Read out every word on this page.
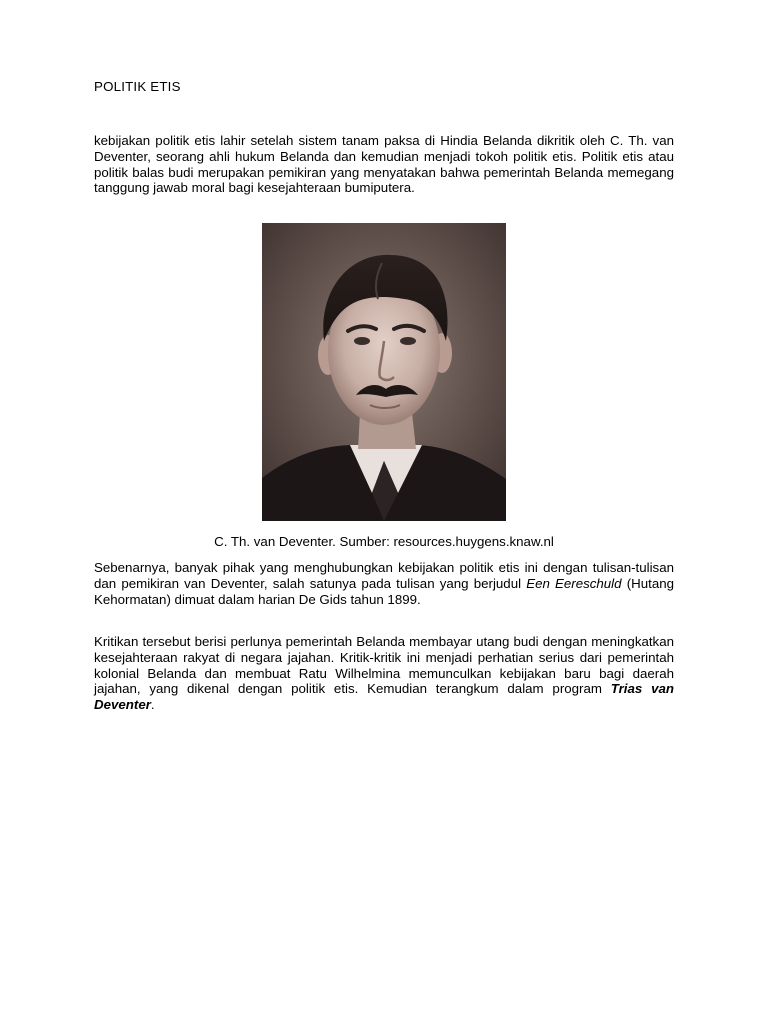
POLITIK ETIS

kebijakan politik etis lahir setelah sistem tanam paksa di Hindia Belanda dikritik oleh C. Th. van Deventer, seorang ahli hukum Belanda dan kemudian menjadi tokoh politik etis. Politik etis atau politik balas budi merupakan pemikiran yang menyatakan bahwa pemerintah Belanda memegang tanggung jawab moral bagi kesejahteraan bumiputera.

C. Th. van Deventer. Sumber: resources.huygens.knaw.nl

Sebenarnya, banyak pihak yang menghubungkan kebijakan politik etis ini dengan tulisan-tulisan dan pemikiran van Deventer, salah satunya pada tulisan yang berjudul Een Eereschuld (Hutang Kehormatan) dimuat dalam harian De Gids tahun 1899.

Kritikan tersebut berisi perlunya pemerintah Belanda membayar utang budi dengan meningkatkan kesejahteraan rakyat di negara jajahan. Kritik-kritik ini menjadi perhatian serius dari pemerintah kolonial Belanda dan membuat Ratu Wilhelmina memunculkan kebijakan baru bagi daerah jajahan, yang dikenal dengan politik etis. Kemudian terangkum dalam program Trias van Deventer.
